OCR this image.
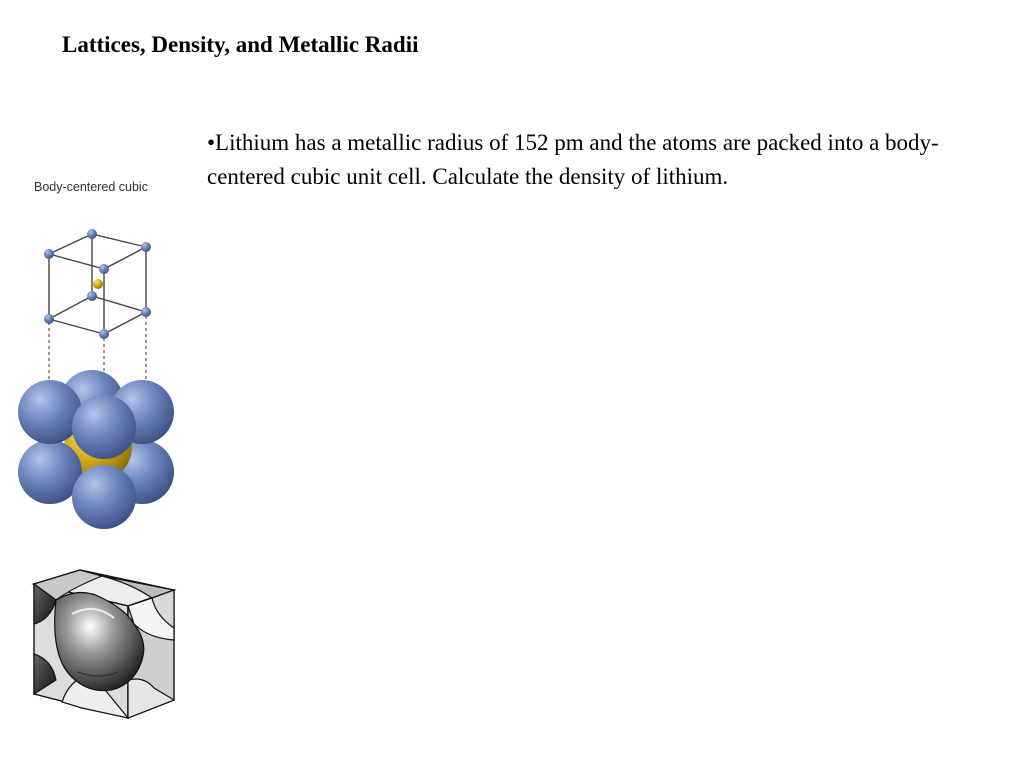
Lattices, Density, and Metallic Radii
•Lithium has a metallic radius of 152 pm and the atoms are packed into a body-centered cubic unit cell. Calculate the density of lithium.
Body-centered cubic
